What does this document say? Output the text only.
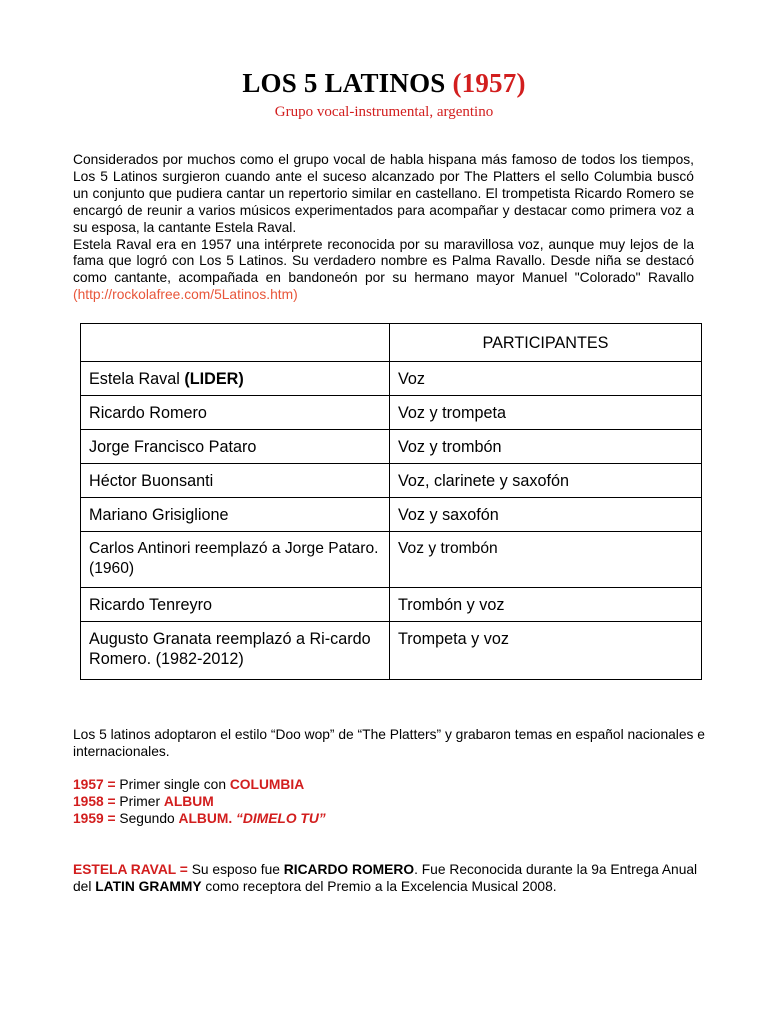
LOS 5 LATINOS (1957)
Grupo vocal-instrumental, argentino

Considerados por muchos como el grupo vocal de habla hispana más famoso de todos los tiempos, Los 5 Latinos surgieron cuando ante el suceso alcanzado por The Platters el sello Columbia buscó un conjunto que pudiera cantar un repertorio similar en castellano. El trompetista Ricardo Romero se encargó de reunir a varios músicos experimentados para acompañar y destacar como primera voz a su esposa, la cantante Estela Raval.

Estela Raval era en 1957 una intérprete reconocida por su maravillosa voz, aunque muy lejos de la fama que logró con Los 5 Latinos. Su verdadero nombre es Palma Ravallo. Desde niña se destacó como cantante, acompañada en bandoneón por su hermano mayor Manuel "Colorado" Ravallo (http://rockolafree.com/5Latinos.htm)

	PARTICIPANTES
Estela Raval (LIDER)	Voz
Ricardo Romero	Voz y trompeta
Jorge Francisco Pataro	Voz y trombón
Héctor Buonsanti	Voz, clarinete y saxofón
Mariano Grisiglione	Voz y saxofón
Carlos Antinori reemplazó a Jorge Pataro. (1960)	Voz y trombón
Ricardo Tenreyro	Trombón y voz
Augusto Granata reemplazó a Ri-cardo Romero. (1982-2012)	Trompeta y voz
Los 5 latinos adoptaron el estilo “Doo wop” de “The Platters” y grabaron temas en español nacionales e internacionales.
1957 = Primer single con COLUMBIA
1958 = Primer ALBUM
1959 = Segundo ALBUM. “DIMELO TU”
ESTELA RAVAL = Su esposo fue RICARDO ROMERO. Fue Reconocida durante la 9a Entrega Anual del LATIN GRAMMY como receptora del Premio a la Excelencia Musical 2008.
